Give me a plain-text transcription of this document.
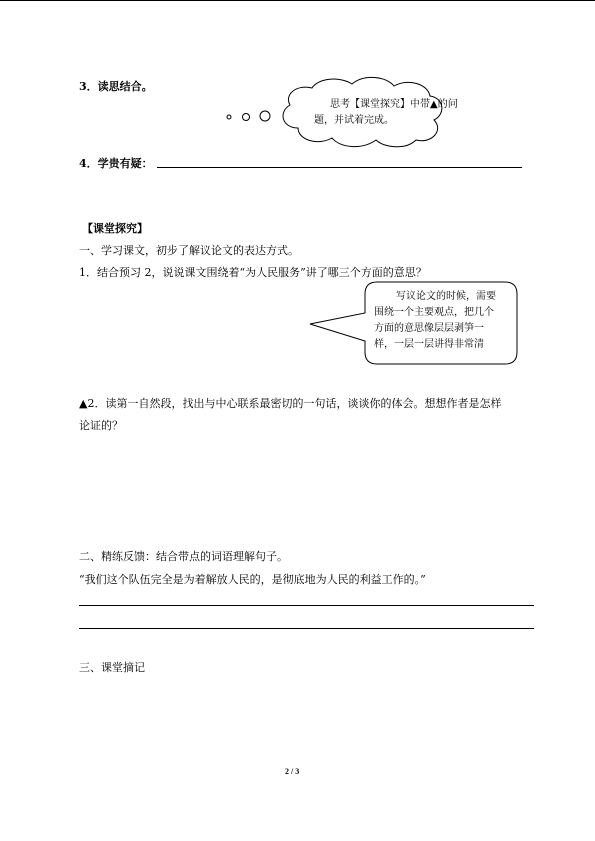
3．读思结合。
思考【课堂探究】中带▲的问
题，并试着完成。
4．学贵有疑：
【课堂探究】
一、学习课文，初步了解议论文的表达方式。
1．结合预习 2，说说课文围绕着“为人民服务”讲了哪三个方面的意思？
写议论文的时候，需要
围绕一个主要观点，把几个
方面的意思像层层剥笋一
样，一层一层讲得非常清
▲2．读第一自然段，找出与中心联系最密切的一句话，谈谈你的体会。想想作者是怎样
论证的？
二、精练反馈：结合带点的词语理解句子。
“我们这个队伍完全是为着解放人民的，是彻底地为人民的利益工作的。”
三、课堂摘记
2 / 3
